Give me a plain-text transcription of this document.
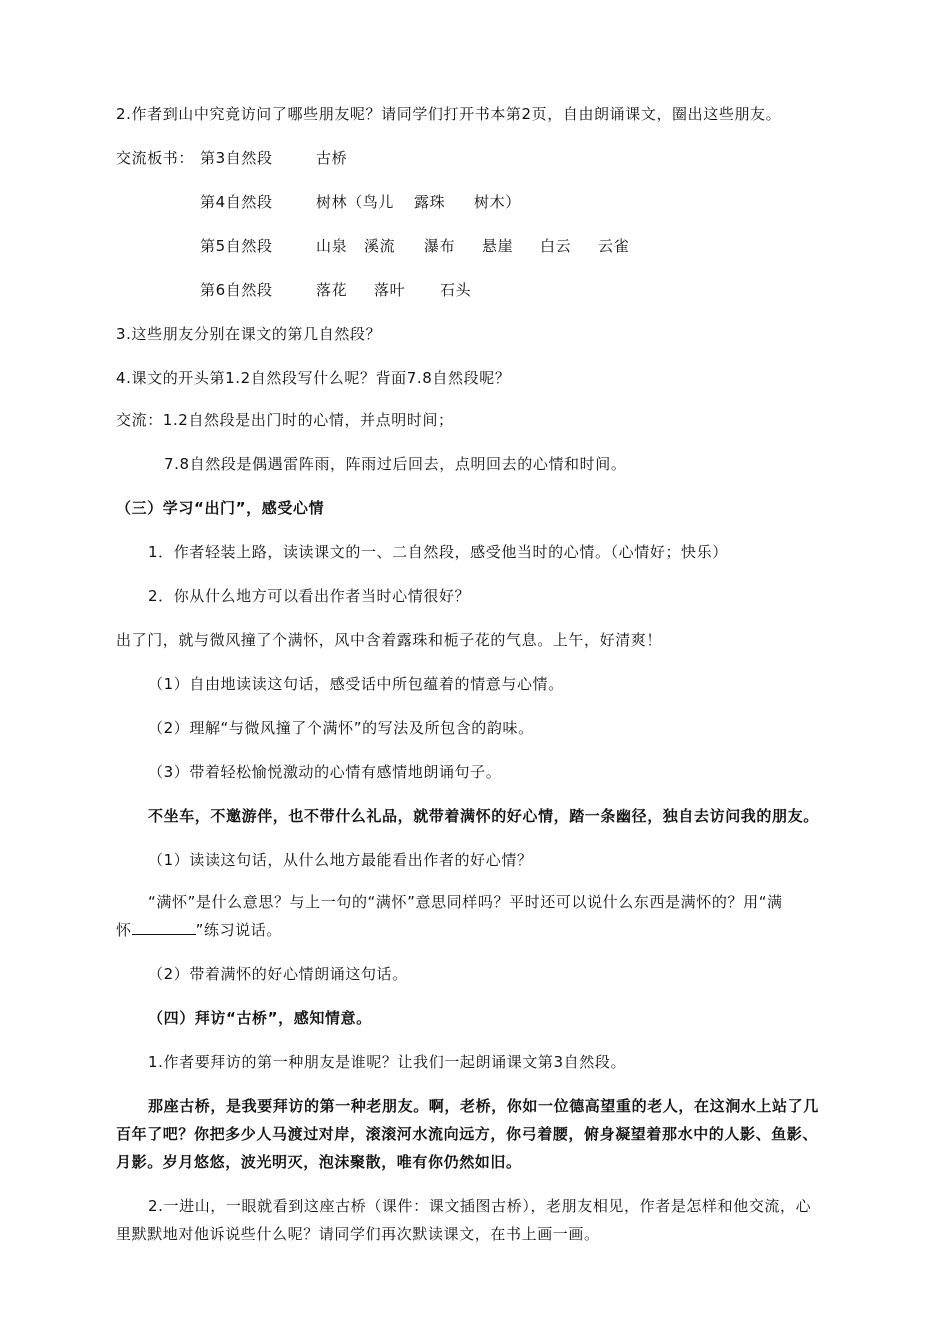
2.作者到山中究竟访问了哪些朋友呢？请同学们打开书本第2页，自由朗诵课文，圈出这些朋友。
交流板书： 第3自然段	古桥
第4自然段	树林（鸟儿 露珠 树木）
第5自然段	山泉 溪流 瀑布 悬崖 白云 云雀
第6自然段	落花 落叶 石头
3.这些朋友分别在课文的第几自然段？
4.课文的开头第1.2自然段写什么呢？背面7.8自然段呢？
交流：1.2自然段是出门时的心情，并点明时间；
7.8自然段是偶遇雷阵雨，阵雨过后回去，点明回去的心情和时间。
（三）学习“出门”，感受心情
1．作者轻装上路，读读课文的一、二自然段，感受他当时的心情。（心情好；快乐）
2．你从什么地方可以看出作者当时心情很好？
出了门，就与微风撞了个满怀，风中含着露珠和栀子花的气息。上午，好清爽！
（1）自由地读读这句话，感受话中所包蕴着的情意与心情。
（2）理解“与微风撞了个满怀”的写法及所包含的韵味。
（3）带着轻松愉悦激动的心情有感情地朗诵句子。
不坐车，不邀游伴，也不带什么礼品，就带着满怀的好心情，踏一条幽径，独自去访问我的朋友。
（1）读读这句话，从什么地方最能看出作者的好心情？
“满怀”是什么意思？与上一句的“满怀”意思同样吗？平时还可以说什么东西是满怀的？用“满
怀	”练习说话。
（2）带着满怀的好心情朗诵这句话。
（四）拜访“古桥”，感知情意。
1.作者要拜访的第一种朋友是谁呢？让我们一起朗诵课文第3自然段。
那座古桥，是我要拜访的第一种老朋友。啊，老桥，你如一位德高望重的老人，在这涧水上站了几
百年了吧？你把多少人马渡过对岸，滚滚河水流向远方，你弓着腰，俯身凝望着那水中的人影、鱼影、
月影。岁月悠悠，波光明灭，泡沫聚散，唯有你仍然如旧。
2.一进山，一眼就看到这座古桥（课件：课文插图古桥），老朋友相见，作者是怎样和他交流，心
里默默地对他诉说些什么呢？请同学们再次默读课文，在书上画一画。
